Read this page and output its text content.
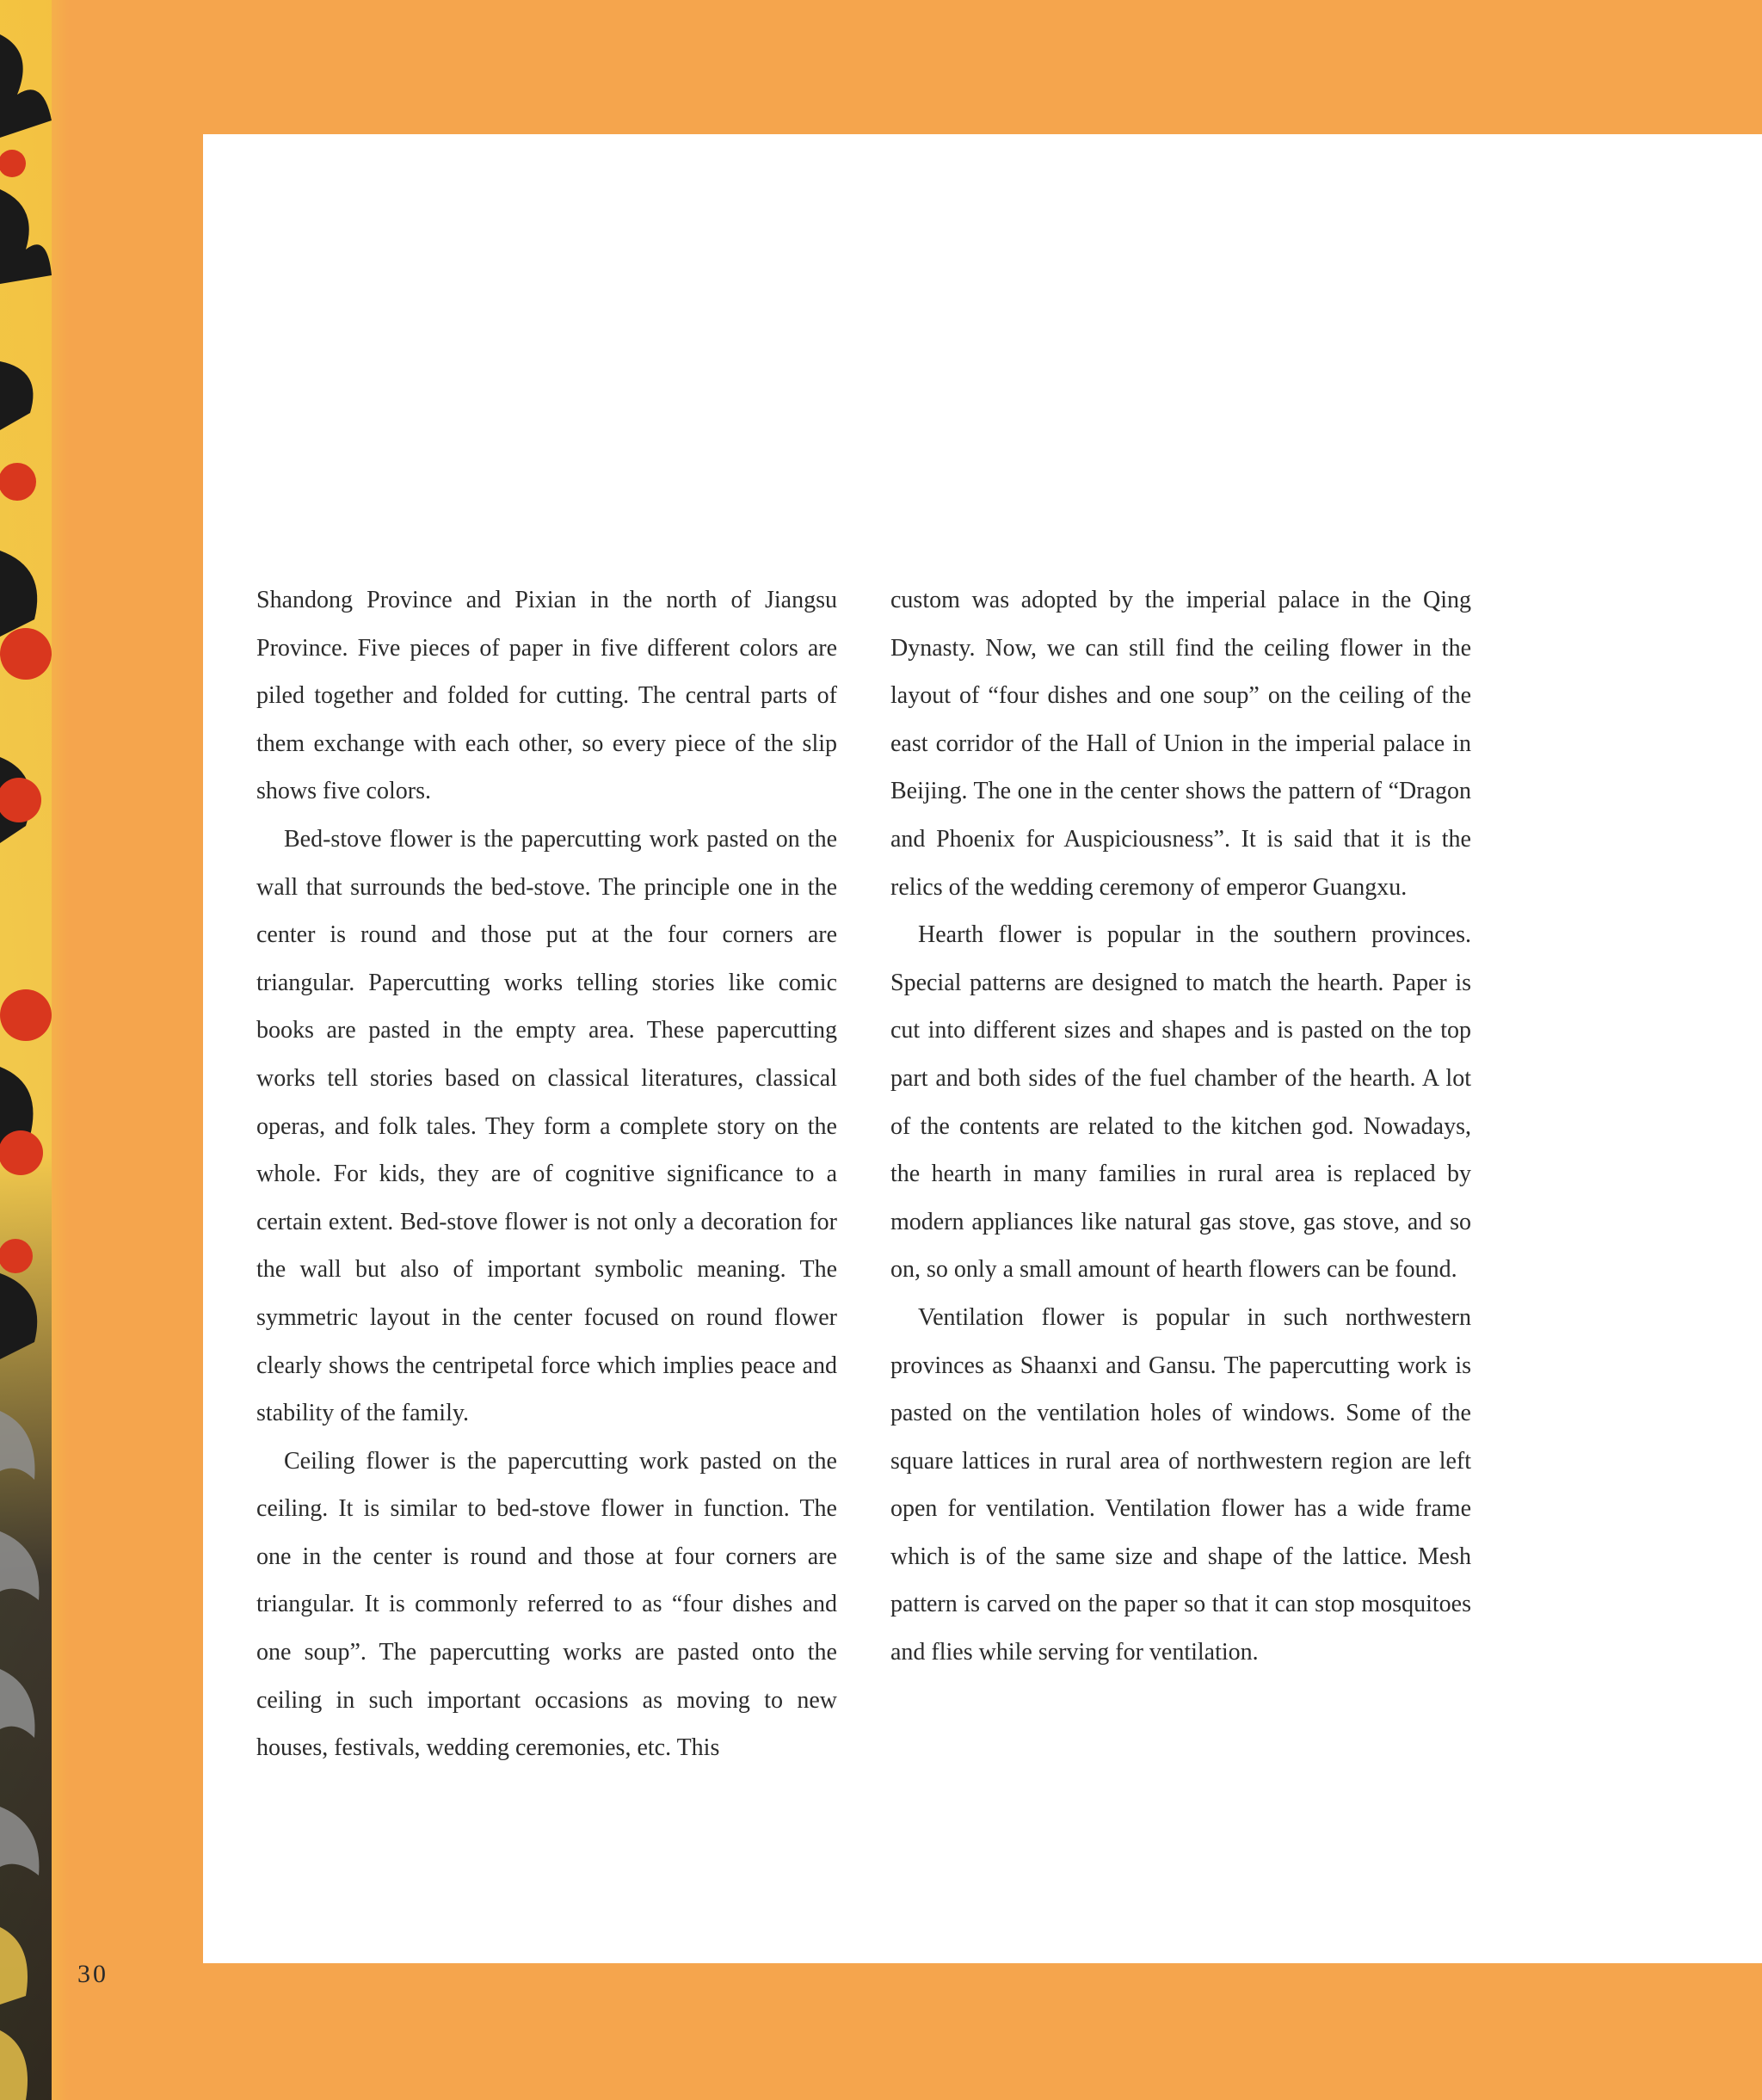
Shandong Province and Pixian in the north of Jiangsu Province. Five pieces of paper in five different colors are piled together and folded for cutting. The central parts of them exchange with each other, so every piece of the slip shows five colors.

Bed-stove flower is the papercutting work pasted on the wall that surrounds the bed-stove. The principle one in the center is round and those put at the four corners are triangular. Papercutting works telling stories like comic books are pasted in the empty area. These papercutting works tell stories based on classical literatures, classical operas, and folk tales. They form a complete story on the whole. For kids, they are of cognitive significance to a certain extent. Bed-stove flower is not only a decoration for the wall but also of important symbolic meaning. The symmetric layout in the center focused on round flower clearly shows the centripetal force which implies peace and stability of the family.

Ceiling flower is the papercutting work pasted on the ceiling. It is similar to bed-stove flower in function. The one in the center is round and those at four corners are triangular. It is commonly referred to as “four dishes and one soup”. The papercutting works are pasted onto the ceiling in such important occasions as moving to new houses, festivals, wedding ceremonies, etc. This

custom was adopted by the imperial palace in the Qing Dynasty. Now, we can still find the ceiling flower in the layout of “four dishes and one soup” on the ceiling of the east corridor of the Hall of Union in the imperial palace in Beijing. The one in the center shows the pattern of “Dragon and Phoenix for Auspiciousness”. It is said that it is the relics of the wedding ceremony of emperor Guangxu.

Hearth flower is popular in the southern provinces. Special patterns are designed to match the hearth. Paper is cut into different sizes and shapes and is pasted on the top part and both sides of the fuel chamber of the hearth. A lot of the contents are related to the kitchen god. Nowadays, the hearth in many families in rural area is replaced by modern appliances like natural gas stove, gas stove, and so on, so only a small amount of hearth flowers can be found.

Ventilation flower is popular in such northwestern provinces as Shaanxi and Gansu. The papercutting work is pasted on the ventilation holes of windows. Some of the square lattices in rural area of northwestern region are left open for ventilation. Ventilation flower has a wide frame which is of the same size and shape of the lattice. Mesh pattern is carved on the paper so that it can stop mosquitoes and flies while serving for ventilation.

30
